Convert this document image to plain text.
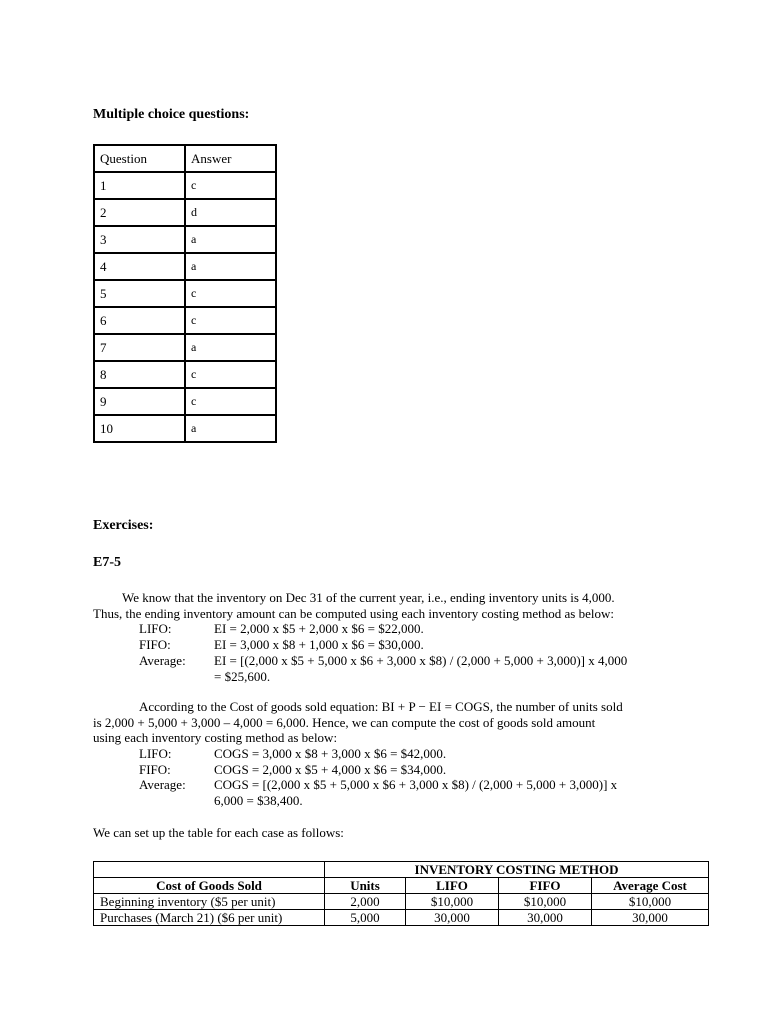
Multiple choice questions:
Question	Answer
1	c
2	d
3	a
4	a
5	c
6	c
7	a
8	c
9	c
10	a
Exercises:
E7-5
We know that the inventory on Dec 31 of the current year, i.e., ending inventory units is 4,000.
Thus, the ending inventory amount can be computed using each inventory costing method as below:
LIFO:	EI = 2,000 x $5 + 2,000 x $6 = $22,000.
FIFO:	EI = 3,000 x $8 + 1,000 x $6 = $30,000.
Average: EI = [(2,000 x $5 + 5,000 x $6 + 3,000 x $8) / (2,000 + 5,000 + 3,000)] x 4,000
= $25,600.
According to the Cost of goods sold equation: BI + P − EI = COGS, the number of units sold
is 2,000 + 5,000 + 3,000 – 4,000 = 6,000. Hence, we can compute the cost of goods sold amount
using each inventory costing method as below:
LIFO:	COGS = 3,000 x $8 + 3,000 x $6 = $42,000.
FIFO:	COGS = 2,000 x $5 + 4,000 x $6 = $34,000.
Average: COGS = [(2,000 x $5 + 5,000 x $6 + 3,000 x $8) / (2,000 + 5,000 + 3,000)] x
6,000 = $38,400.
We can set up the table for each case as follows:
	INVENTORY COSTING METHOD			
Cost of Goods Sold	Units	LIFO	FIFO	Average Cost
Beginning inventory ($5 per unit)	2,000	$10,000	$10,000	$10,000
Purchases (March 21) ($6 per unit)	5,000	30,000	30,000	30,000
